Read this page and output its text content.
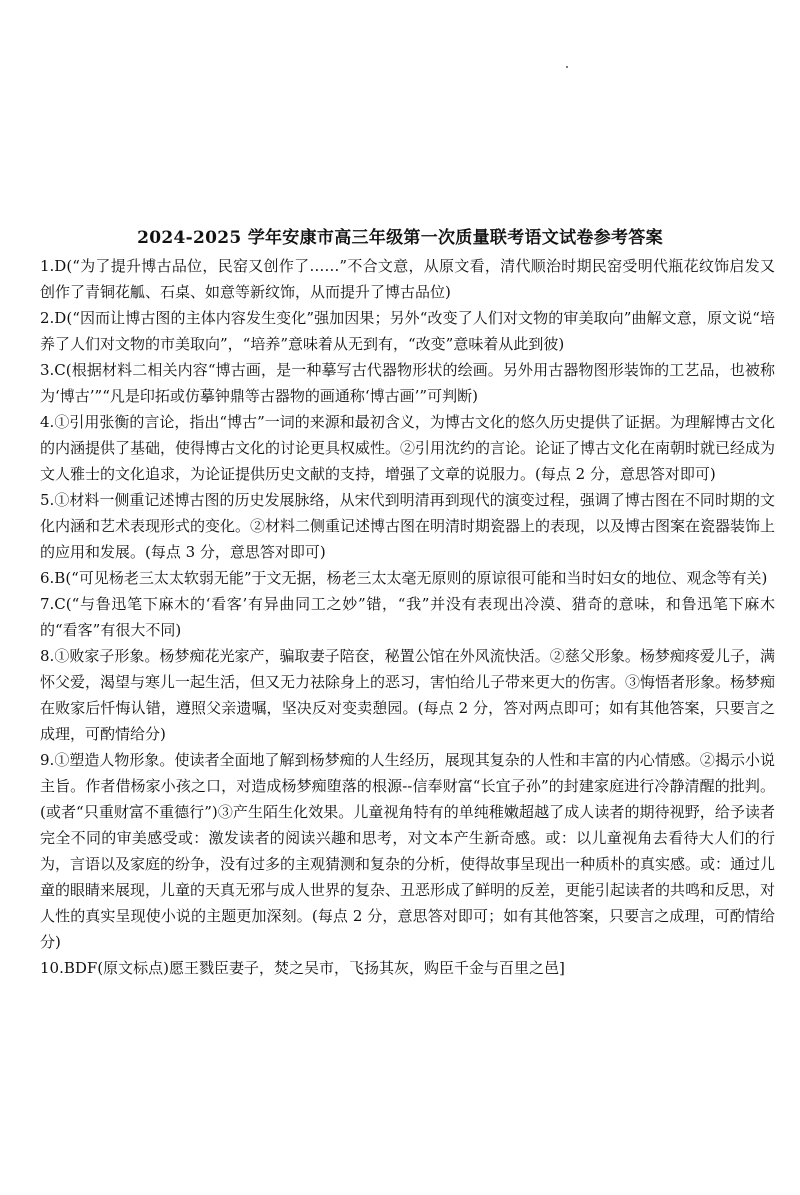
2024-2025 学年安康市高三年级第一次质量联考语文试卷参考答案

1.D(“为了提升博古品位，民窑又创作了……”不合文意，从原文看，清代顺治时期民窑受明代瓶花纹饰启发又创作了青铜花觚、石桌、如意等新纹饰，从而提升了博古品位)

2.D(“因而让博古图的主体内容发生变化”强加因果；另外“改变了人们对文物的审美取向”曲解文意，原文说“培养了人们对文物的市美取向”，“培养”意味着从无到有，“改变”意味着从此到彼)

3.C(根据材料二相关内容“博古画，是一种摹写古代器物形状的绘画。另外用古器物图形装饰的工艺品，也被称为‘博古’”“凡是印拓或仿摹钟鼎等古器物的画通称‘博古画’”可判断)

4.①引用张衡的言论，指出“博古”一词的来源和最初含义，为博古文化的悠久历史提供了证据。为理解博古文化的内涵提供了基础，使得博古文化的讨论更具权威性。②引用沈约的言论。论证了博古文化在南朝时就已经成为文人雅士的文化追求，为论证提供历史文献的支持，增强了文章的说服力。(每点 2 分，意思答对即可)

5.①材料一侧重记述博古图的历史发展脉络，从宋代到明清再到现代的演变过程，强调了博古图在不同时期的文化内涵和艺术表现形式的变化。②材料二侧重记述博古图在明清时期瓷器上的表现，以及博古图案在瓷器装饰上的应用和发展。(每点 3 分，意思答对即可)

6.B(“可见杨老三太太软弱无能”于文无据，杨老三太太毫无原则的原谅很可能和当时妇女的地位、观念等有关)

7.C(“与鲁迅笔下麻木的‘看客’有异曲同工之妙”错，“我”并没有表现出冷漠、猎奇的意味，和鲁迅笔下麻木的“看客”有很大不同)

8.①败家子形象。杨梦痴花光家产，骗取妻子陪奁，秘置公馆在外风流快活。②慈父形象。杨梦痴疼爱儿子，满怀父爱，渴望与寒儿一起生活，但又无力祛除身上的恶习，害怕给儿子带来更大的伤害。③悔悟者形象。杨梦痴在败家后忏悔认错，遵照父亲遗嘱，坚决反对变卖憩园。(每点 2 分，答对两点即可；如有其他答案，只要言之成理，可酌情给分)

9.①塑造人物形象。使读者全面地了解到杨梦痴的人生经历，展现其复杂的人性和丰富的内心情感。②揭示小说主旨。作者借杨家小孩之口，对造成杨梦痴堕落的根源--信奉财富“长宜子孙”的封建家庭进行冷静清醒的批判。(或者“只重财富不重德行”)③产生陌生化效果。儿童视角特有的单纯稚嫩超越了成人读者的期待视野，给予读者完全不同的审美感受或：激发读者的阅读兴趣和思考，对文本产生新奇感。或：以儿童视角去看待大人们的行为，言语以及家庭的纷争，没有过多的主观猜测和复杂的分析，使得故事呈现出一种质朴的真实感。或：通过儿童的眼睛来展现，儿童的天真无邪与成人世界的复杂、丑恶形成了鲜明的反差，更能引起读者的共鸣和反思，对人性的真实呈现使小说的主题更加深刻。(每点 2 分，意思答对即可；如有其他答案，只要言之成理，可酌情给分)

10.BDF(原文标点)愿王戮臣妻子，焚之吴市，飞扬其灰，购臣千金与百里之邑]
